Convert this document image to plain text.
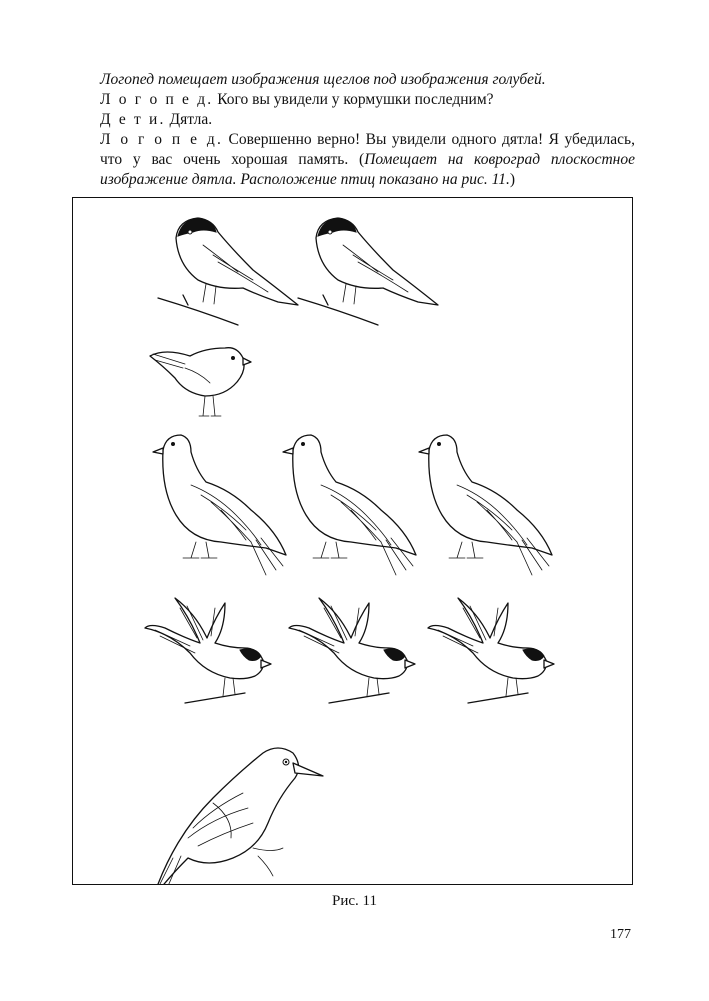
Логопед помещает изображения щеглов под изображения голубей.

Л о г о п е д. Кого вы увидели у кормушки последним?

Д е т и. Дятла.

Л о г о п е д. Совершенно верно! Вы увидели одного дятла! Я убедилась, что у вас очень хорошая память. (Помещает на ковроград плоскостное изображение дятла. Расположение птиц показано на рис. 11.)

Рис. 11
177
